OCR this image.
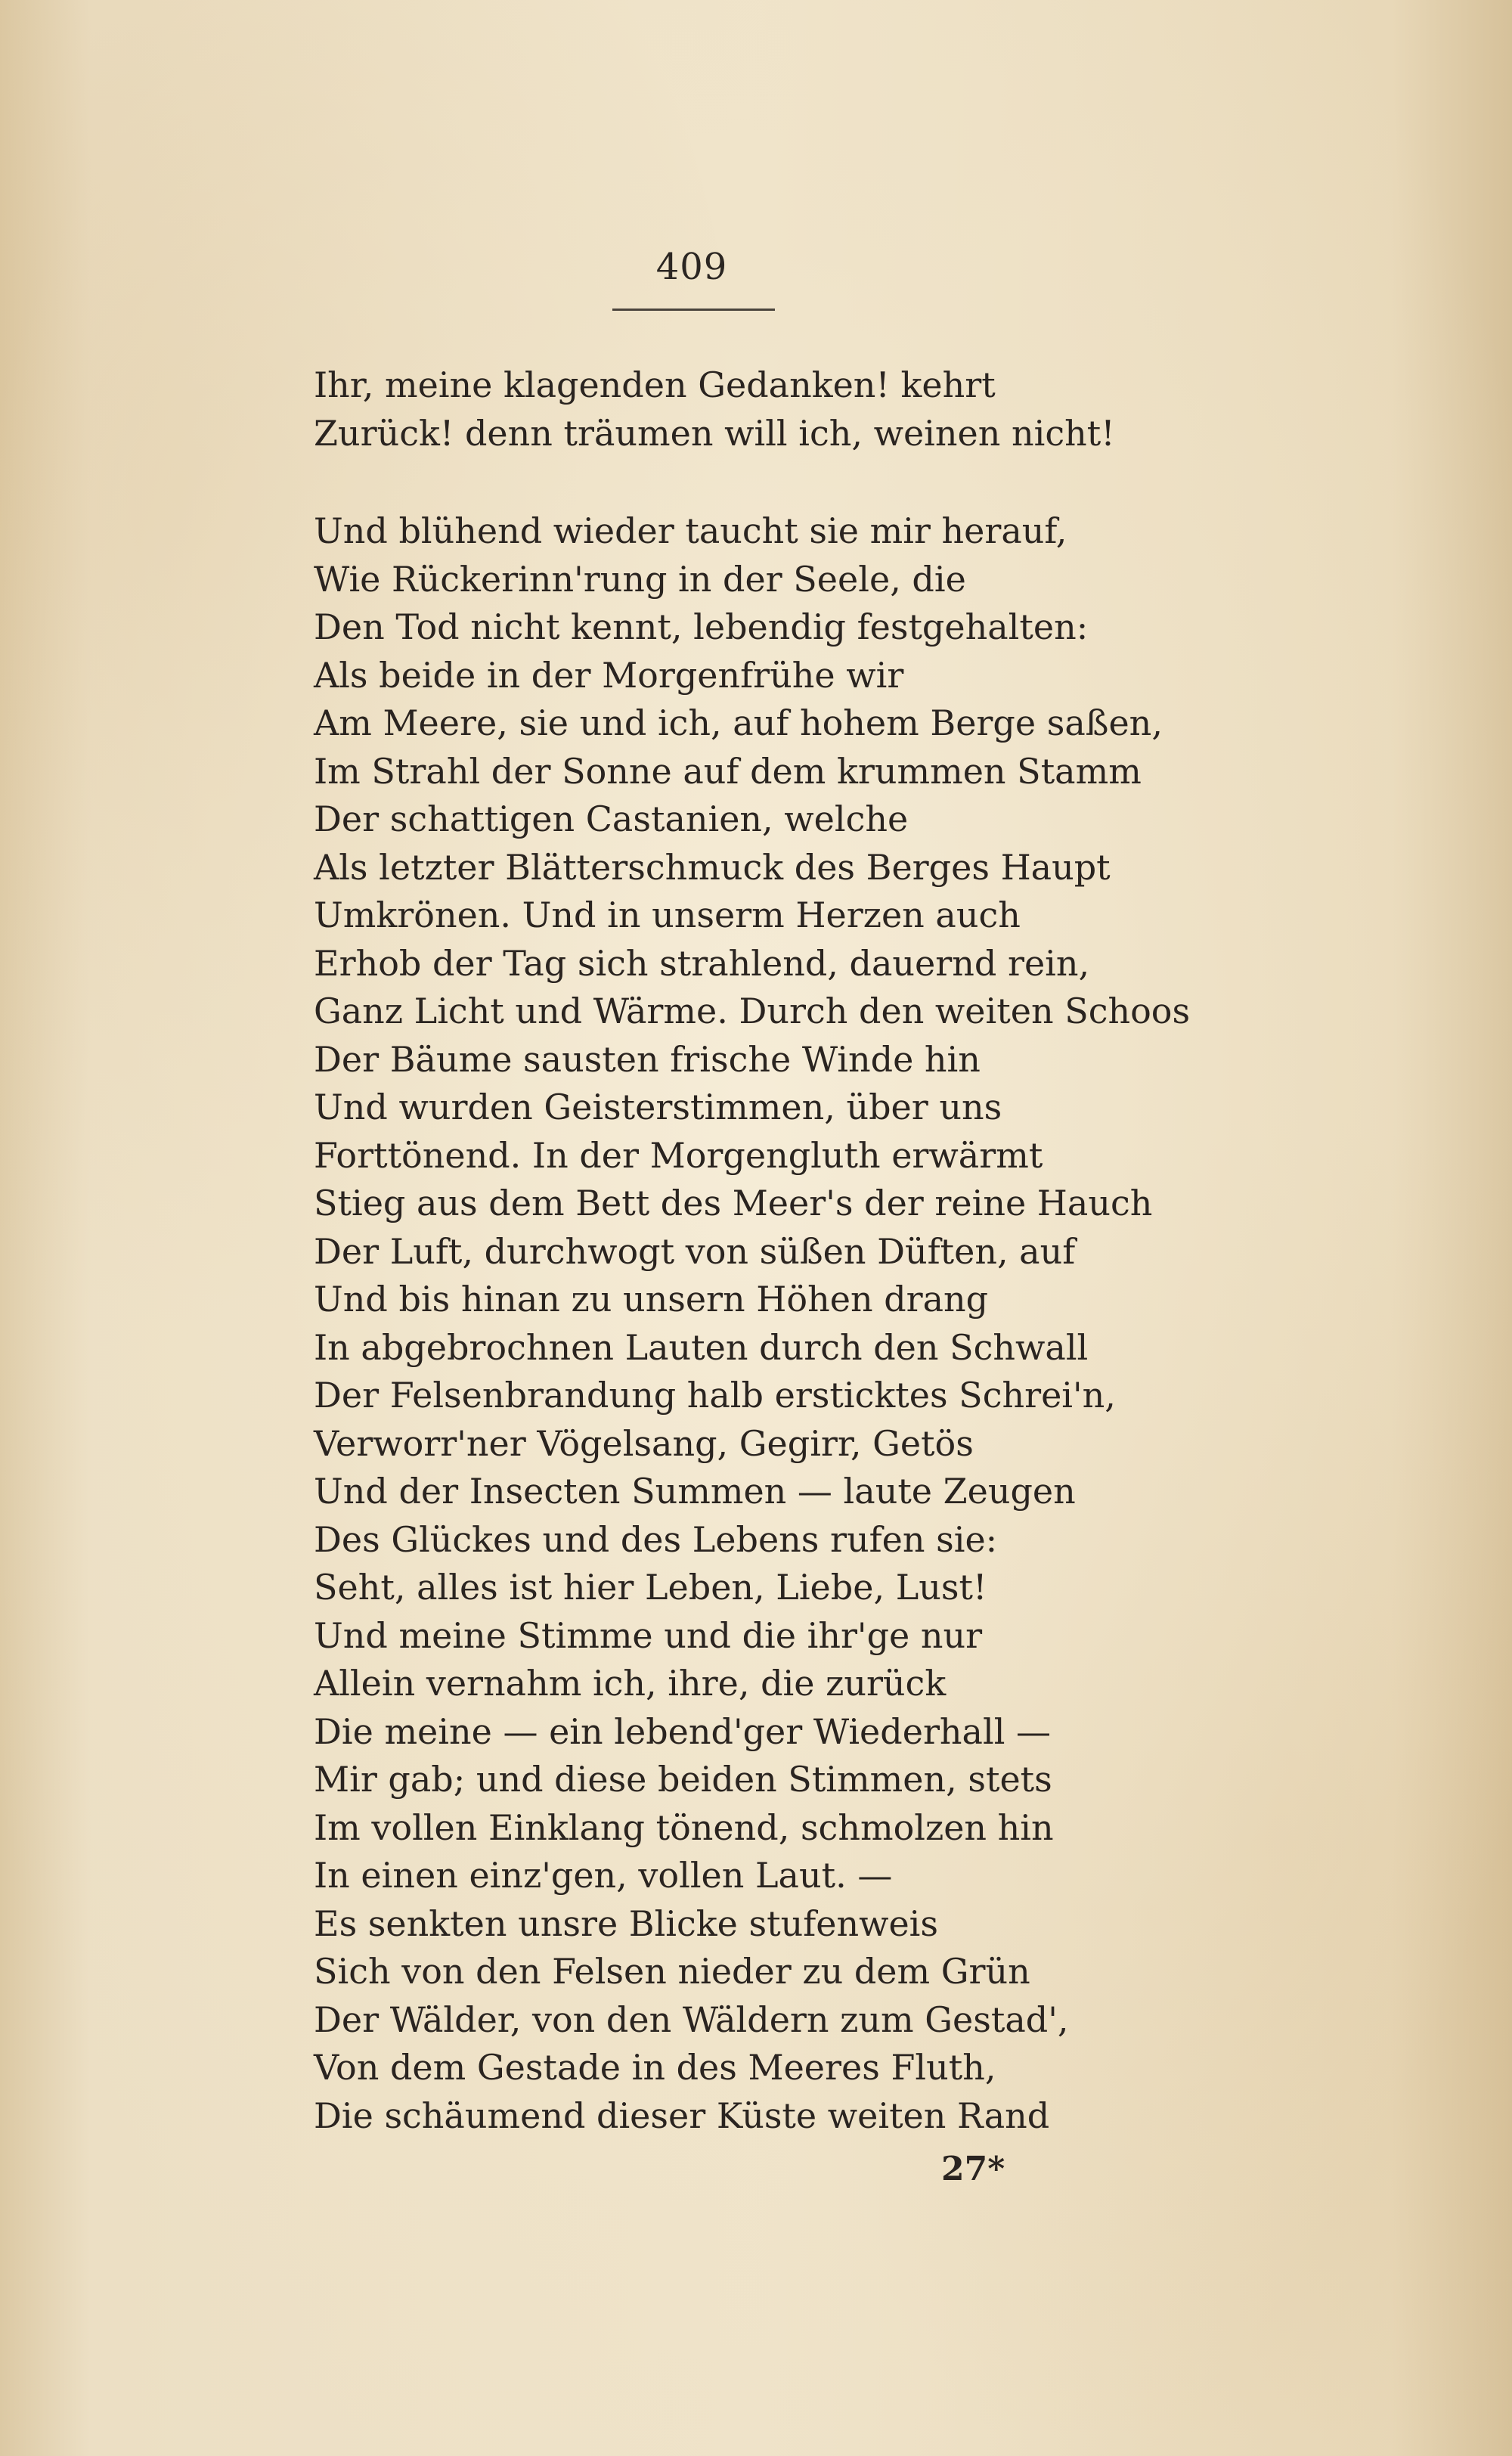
409
Ihr, meine klagenden Gedanken! kehrt
Zurück! denn träumen will ich, weinen nicht!
Und blühend wieder taucht sie mir herauf,
Wie Rückerinn'rung in der Seele, die
Den Tod nicht kennt, lebendig festgehalten:
Als beide in der Morgenfrühe wir
Am Meere, sie und ich, auf hohem Berge saßen,
Im Strahl der Sonne auf dem krummen Stamm
Der schattigen Castanien, welche
Als letzter Blätterschmuck des Berges Haupt
Umkrönen. Und in unserm Herzen auch
Erhob der Tag sich strahlend, dauernd rein,
Ganz Licht und Wärme. Durch den weiten Schoos
Der Bäume sausten frische Winde hin
Und wurden Geisterstimmen, über uns
Forttönend. In der Morgengluth erwärmt
Stieg aus dem Bett des Meer's der reine Hauch
Der Luft, durchwogt von süßen Düften, auf
Und bis hinan zu unsern Höhen drang
In abgebrochnen Lauten durch den Schwall
Der Felsenbrandung halb ersticktes Schrei'n,
Verworr'ner Vögelsang, Gegirr, Getös
Und der Insecten Summen — laute Zeugen
Des Glückes und des Lebens rufen sie:
Seht, alles ist hier Leben, Liebe, Lust!
Und meine Stimme und die ihr'ge nur
Allein vernahm ich, ihre, die zurück
Die meine — ein lebend'ger Wiederhall —
Mir gab; und diese beiden Stimmen, stets
Im vollen Einklang tönend, schmolzen hin
In einen einz'gen, vollen Laut. —
Es senkten unsre Blicke stufenweis
Sich von den Felsen nieder zu dem Grün
Der Wälder, von den Wäldern zum Gestad',
Von dem Gestade in des Meeres Fluth,
Die schäumend dieser Küste weiten Rand
27*
